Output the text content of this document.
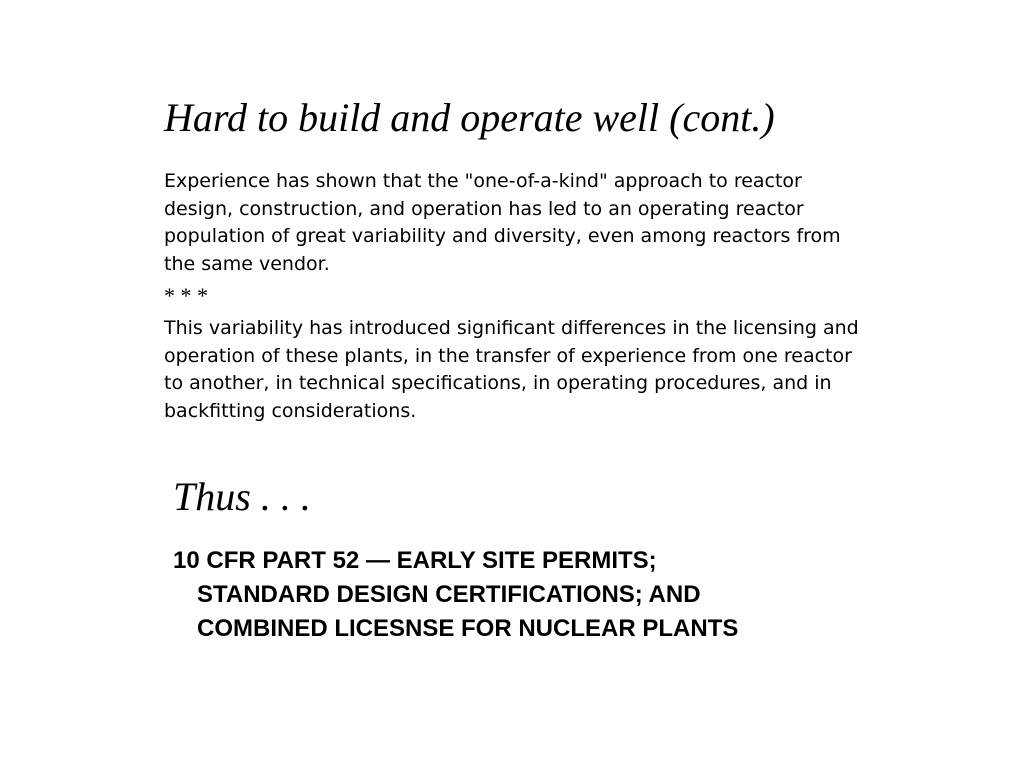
Hard to build and operate well (cont.)

Experience has shown that the "one-of-a-kind" approach to reactor design, construction, and operation has led to an operating reactor population of great variability and diversity, even among reactors from the same vendor.

* * *

This variability has introduced significant differences in the licensing and operation of these plants, in the transfer of experience from one reactor to another, in technical specifications, in operating procedures, and in backfitting considerations.

Thus . . .

10 CFR PART 52 — EARLY SITE PERMITS;
STANDARD DESIGN CERTIFICATIONS; AND
COMBINED LICESNSE FOR NUCLEAR PLANTS
